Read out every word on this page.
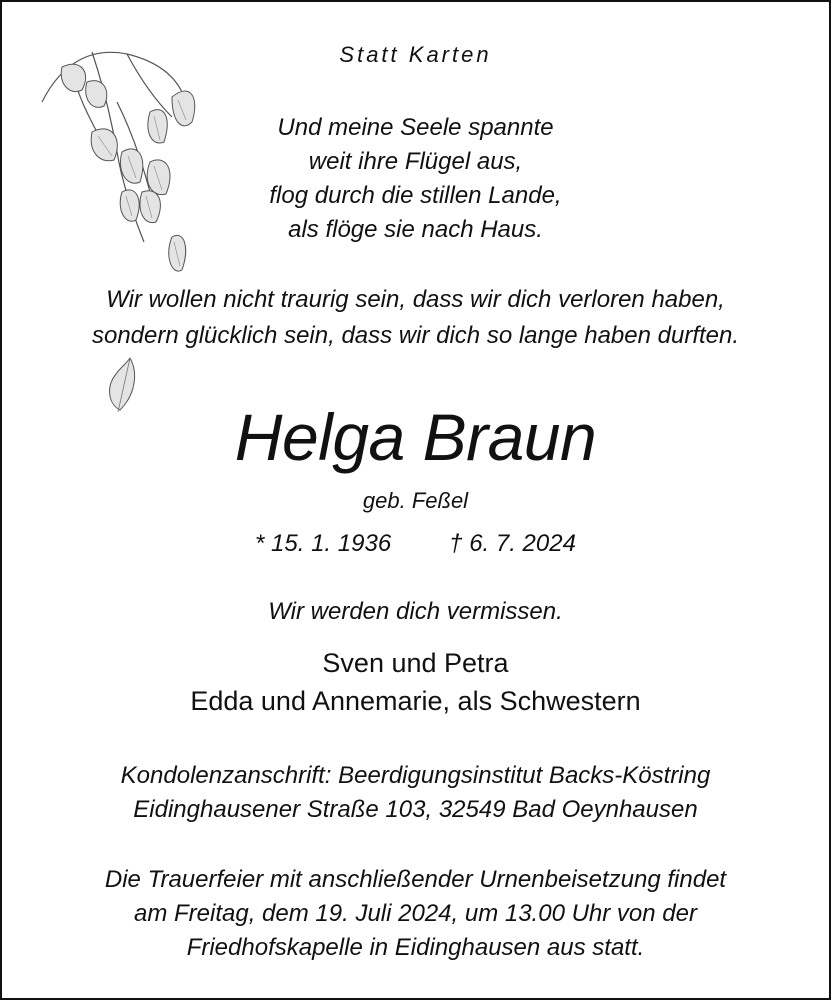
Statt Karten
Und meine Seele spannte
weit ihre Flügel aus,
flog durch die stillen Lande,
als flöge sie nach Haus.
Wir wollen nicht traurig sein, dass wir dich verloren haben,
sondern glücklich sein, dass wir dich so lange haben durften.
Helga Braun
geb. Feßel
* 15. 1. 1936 † 6. 7. 2024
Wir werden dich vermissen.
Sven und Petra
Edda und Annemarie, als Schwestern
Kondolenzanschrift: Beerdigungsinstitut Backs-Köstring
Eidinghausener Straße 103, 32549 Bad Oeynhausen
Die Trauerfeier mit anschließender Urnenbeisetzung findet
am Freitag, dem 19. Juli 2024, um 13.00 Uhr von der
Friedhofskapelle in Eidinghausen aus statt.
